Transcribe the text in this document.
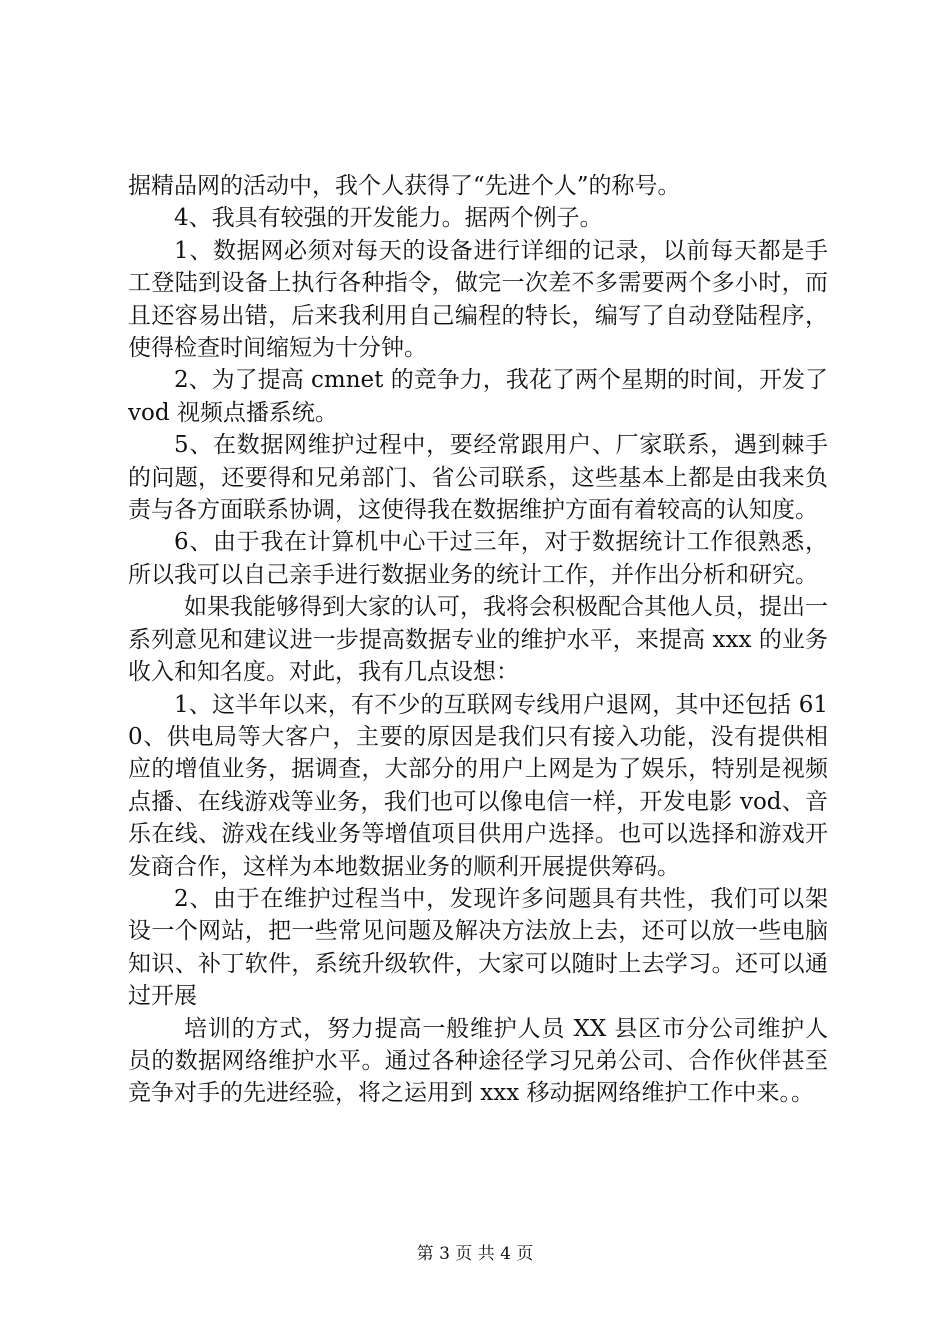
据精品网的活动中，我个人获得了“先进个人”的称号。

4、我具有较强的开发能力。据两个例子。

1、数据网必须对每天的设备进行详细的记录，以前每天都是手工登陆到设备上执行各种指令，做完一次差不多需要两个多小时，而且还容易出错，后来我利用自己编程的特长，编写了自动登陆程序，使得检查时间缩短为十分钟。

2、为了提高 cmnet 的竞争力，我花了两个星期的时间，开发了 vod 视频点播系统。

5、在数据网维护过程中，要经常跟用户、厂家联系，遇到棘手的问题，还要得和兄弟部门、省公司联系，这些基本上都是由我来负责与各方面联系协调，这使得我在数据维护方面有着较高的认知度。

6、由于我在计算机中心干过三年，对于数据统计工作很熟悉，所以我可以自己亲手进行数据业务的统计工作，并作出分析和研究。

如果我能够得到大家的认可，我将会积极配合其他人员，提出一系列意见和建议进一步提高数据专业的维护水平，来提高 xxx 的业务收入和知名度。对此，我有几点设想：

1、这半年以来，有不少的互联网专线用户退网，其中还包括 610、供电局等大客户，主要的原因是我们只有接入功能，没有提供相应的增值业务，据调查，大部分的用户上网是为了娱乐，特别是视频点播、在线游戏等业务，我们也可以像电信一样，开发电影 vod、音乐在线、游戏在线业务等增值项目供用户选择。也可以选择和游戏开发商合作，这样为本地数据业务的顺利开展提供筹码。

2、由于在维护过程当中，发现许多问题具有共性，我们可以架设一个网站，把一些常见问题及解决方法放上去，还可以放一些电脑知识、补丁软件，系统升级软件，大家可以随时上去学习。还可以通过开展

培训的方式，努力提高一般维护人员 XX 县区市分公司维护人员的数据网络维护水平。通过各种途径学习兄弟公司、合作伙伴甚至竞争对手的先进经验，将之运用到 xxx 移动据网络维护工作中来。。

第 3 页 共 4 页
